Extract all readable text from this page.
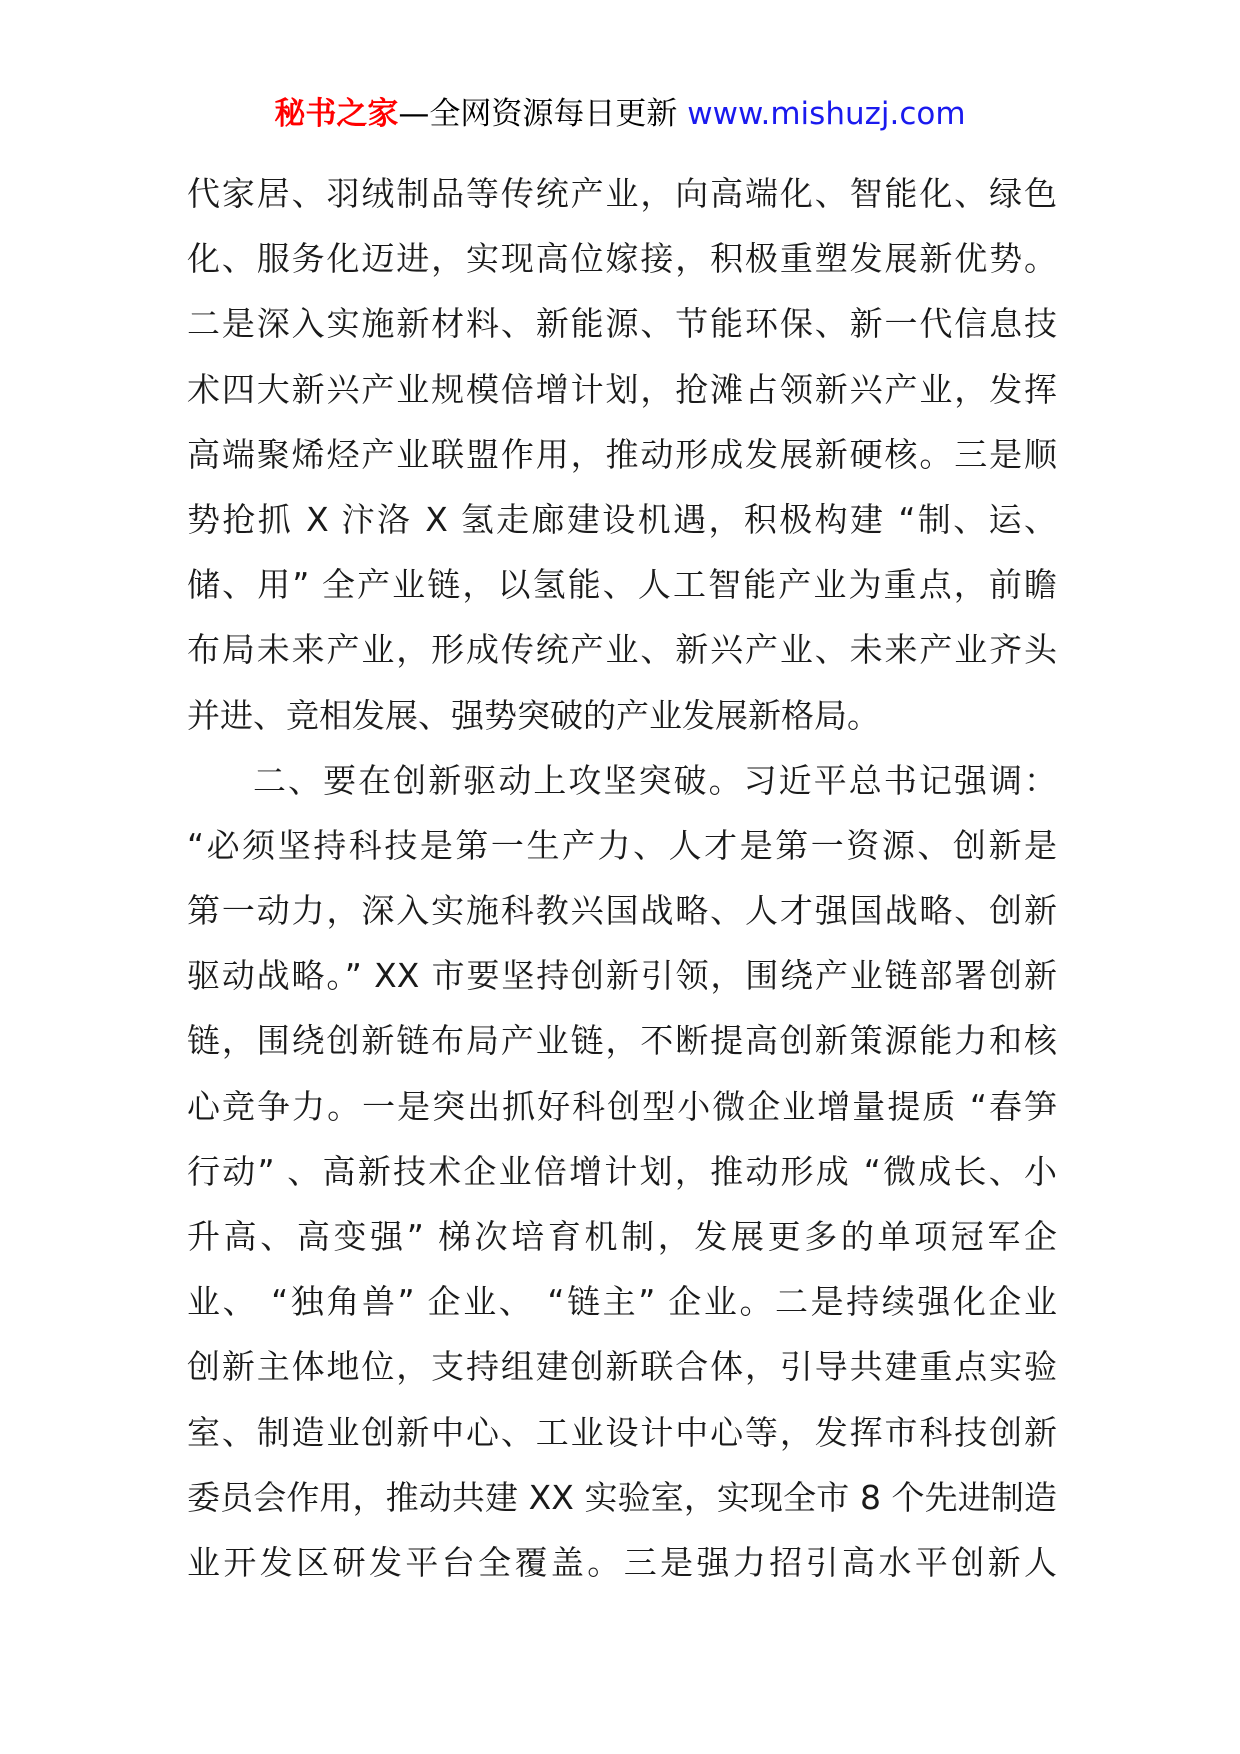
秘书之家—全网资源每日更新 www.mishuzj.com
代家居、羽绒制品等传统产业，向高端化、智能化、绿色
化、服务化迈进，实现高位嫁接，积极重塑发展新优势。
二是深入实施新材料、新能源、节能环保、新一代信息技
术四大新兴产业规模倍增计划，抢滩占领新兴产业，发挥
高端聚烯烃产业联盟作用，推动形成发展新硬核。三是顺
势抢抓 X 汴洛 X 氢走廊建设机遇，积极构建 “制、运、
储、用” 全产业链，以氢能、人工智能产业为重点，前瞻
布局未来产业，形成传统产业、新兴产业、未来产业齐头
并进、竞相发展、强势突破的产业发展新格局。
二、要在创新驱动上攻坚突破。习近平总书记强调：
“必须坚持科技是第一生产力、人才是第一资源、创新是
第一动力，深入实施科教兴国战略、人才强国战略、创新
驱动战略。” XX 市要坚持创新引领，围绕产业链部署创新
链，围绕创新链布局产业链，不断提高创新策源能力和核
心竞争力。一是突出抓好科创型小微企业增量提质 “春笋
行动” 、高新技术企业倍增计划，推动形成 “微成长、小
升高、高变强” 梯次培育机制，发展更多的单项冠军企
业、 “独角兽” 企业、 “链主” 企业。二是持续强化企业
创新主体地位，支持组建创新联合体，引导共建重点实验
室、制造业创新中心、工业设计中心等，发挥市科技创新
委员会作用，推动共建 XX 实验室，实现全市 8 个先进制造
业开发区研发平台全覆盖。三是强力招引高水平创新人
